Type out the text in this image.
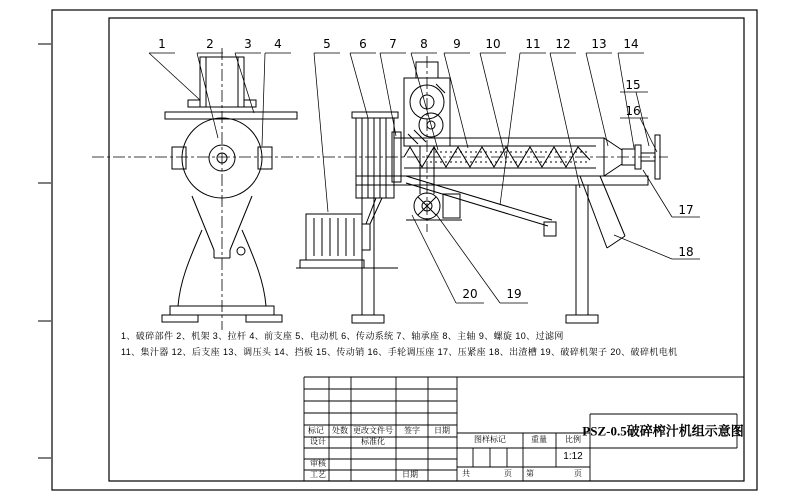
1	2	3 4	5 6 7 8 9 10 11 12 13 14
15
16
17
18
19
20
1、破碎部件 2、机架 3、拉杆 4、前支座 5、电动机 6、传动系统 7、轴承座 8、主轴 9、螺旋 10、过滤网
11、集汁器 12、后支座 13、调压头 14、挡板 15、传动销 16、手轮调压座 17、压紧座 18、出渣槽 19、破碎机架子 20、破碎机电机
标记 处数 更改文件号 签字 日期
设计	标准化
审核
工艺	日期
图样标记	重量 比例
1:12
共	页 第	页
PSZ-0.5破碎榨汁机组示意图
